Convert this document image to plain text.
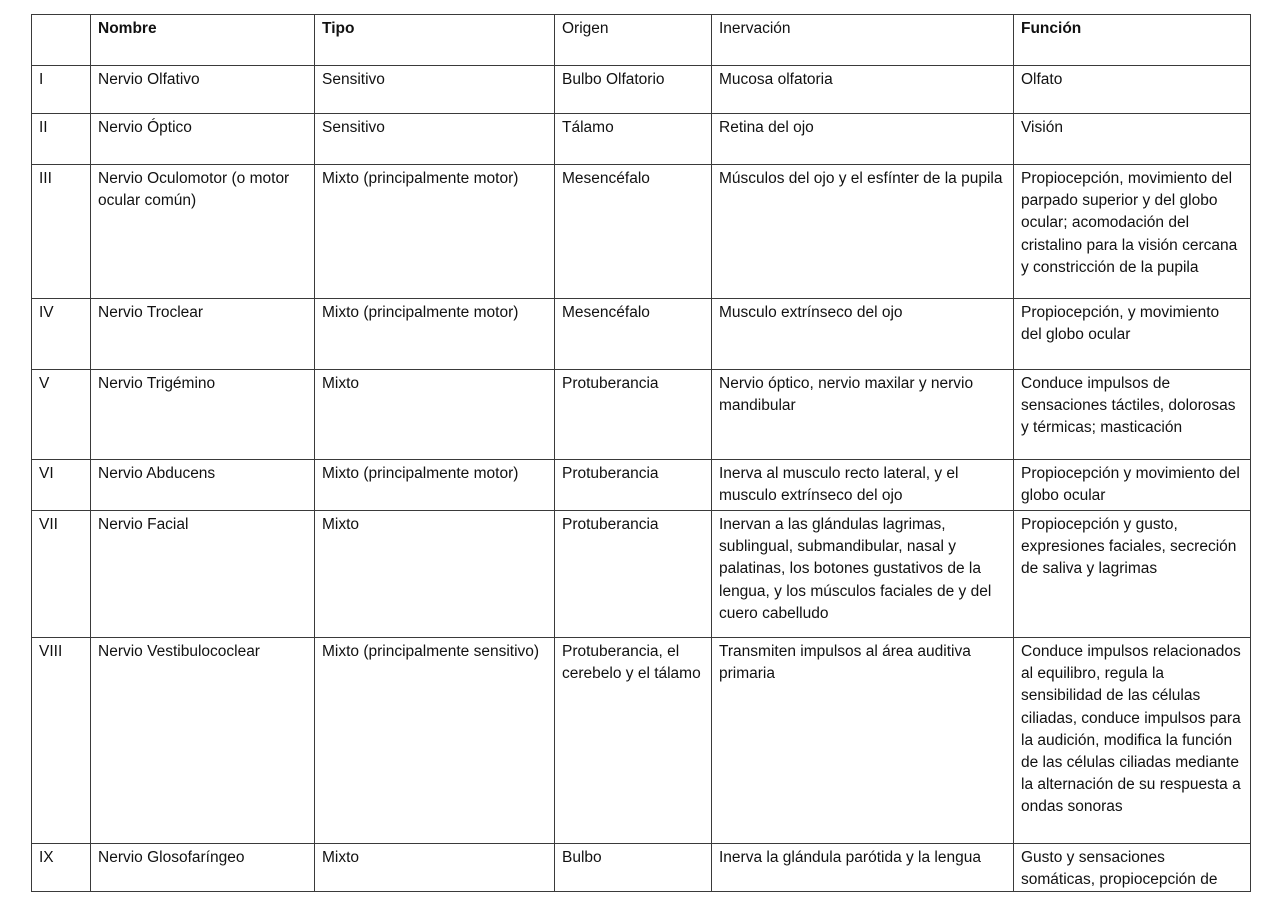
	Nombre	Tipo	Origen	Inervación	Función
I	Nervio Olfativo	Sensitivo	Bulbo Olfatorio	Mucosa olfatoria	Olfato
II	Nervio Óptico	Sensitivo	Tálamo	Retina del ojo	Visión
III	Nervio Oculomotor (o motor ocular común)	Mixto (principalmente motor)	Mesencéfalo	Músculos del ojo y el esfínter de la pupila	Propiocepción, movimiento del parpado superior y del globo ocular; acomodación del cristalino para la visión cercana y constricción de la pupila
IV	Nervio Troclear	Mixto (principalmente motor)	Mesencéfalo	Musculo extrínseco del ojo	Propiocepción, y movimiento del globo ocular
V	Nervio Trigémino	Mixto	Protuberancia	Nervio óptico, nervio maxilar y nervio mandibular	Conduce impulsos de sensaciones táctiles, dolorosas y térmicas; masticación
VI	Nervio Abducens	Mixto (principalmente motor)	Protuberancia	Inerva al musculo recto lateral, y el musculo extrínseco del ojo	Propiocepción y movimiento del globo ocular
VII	Nervio Facial	Mixto	Protuberancia	Inervan a las glándulas lagrimas, sublingual, submandibular, nasal y palatinas, los botones gustativos de la lengua, y los músculos faciales de y del cuero cabelludo	Propiocepción y gusto, expresiones faciales, secreción de saliva y lagrimas
VIII	Nervio Vestibulococlear	Mixto (principalmente sensitivo)	Protuberancia, el cerebelo y el tálamo	Transmiten impulsos al área auditiva primaria	Conduce impulsos relacionados al equilibro, regula la sensibilidad de las células ciliadas, conduce impulsos para la audición, modifica la función de las células ciliadas mediante la alternación de su respuesta a ondas sonoras
IX	Nervio Glosofaríngeo	Mixto	Bulbo	Inerva la glándula parótida y la lengua	Gusto y sensaciones somáticas, propiocepción de
